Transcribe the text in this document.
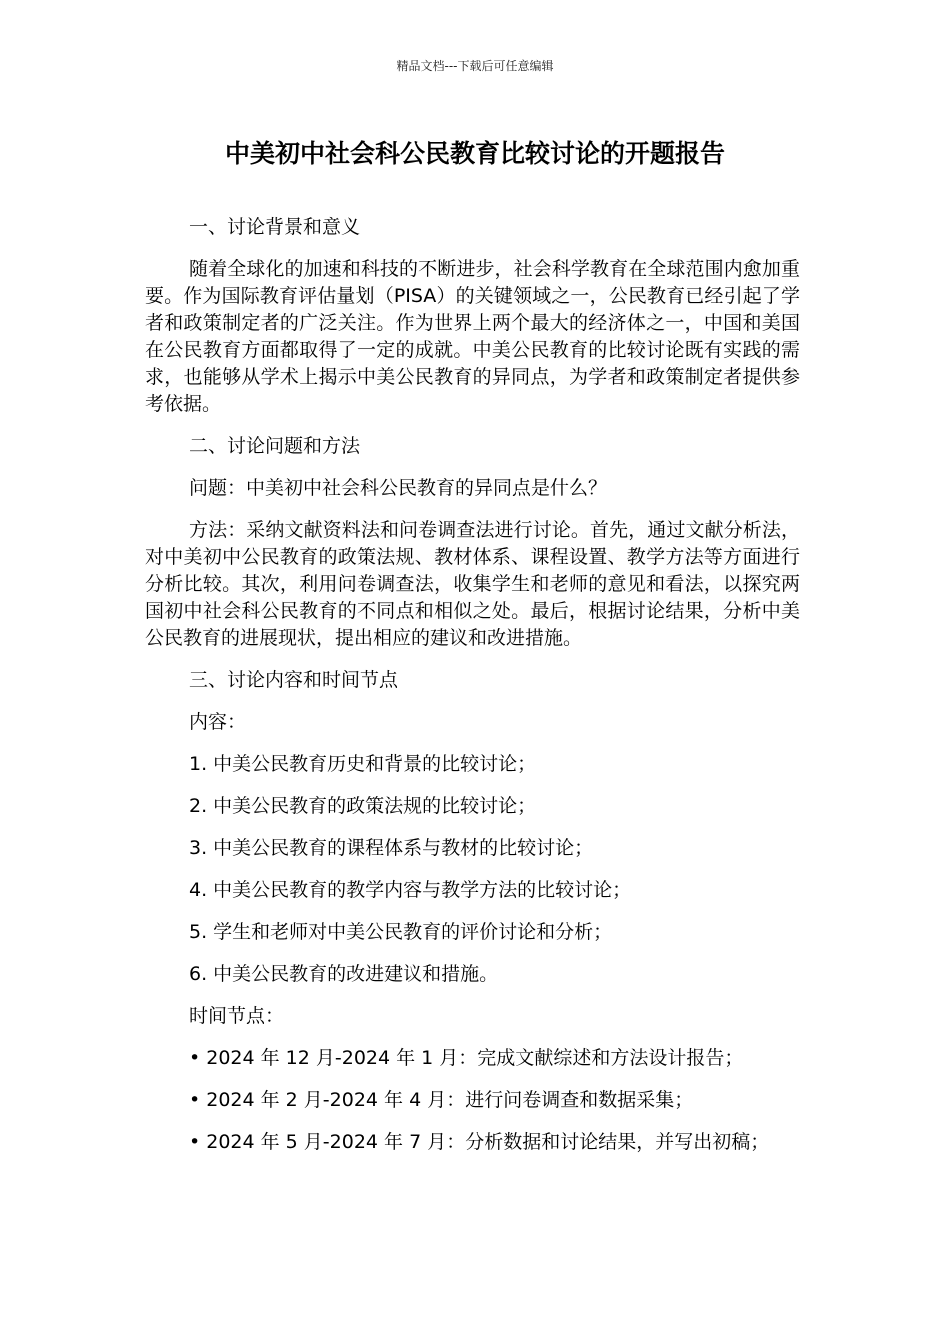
精品文档---下载后可任意编辑
中美初中社会科公民教育比较讨论的开题报告

一、讨论背景和意义

随着全球化的加速和科技的不断进步，社会科学教育在全球范围内愈加重要。作为国际教育评估量划（PISA）的关键领域之一，公民教育已经引起了学者和政策制定者的广泛关注。作为世界上两个最大的经济体之一，中国和美国在公民教育方面都取得了一定的成就。中美公民教育的比较讨论既有实践的需求，也能够从学术上揭示中美公民教育的异同点，为学者和政策制定者提供参考依据。

二、讨论问题和方法

问题：中美初中社会科公民教育的异同点是什么？

方法：采纳文献资料法和问卷调查法进行讨论。首先，通过文献分析法，对中美初中公民教育的政策法规、教材体系、课程设置、教学方法等方面进行分析比较。其次，利用问卷调查法，收集学生和老师的意见和看法，以探究两国初中社会科公民教育的不同点和相似之处。最后，根据讨论结果，分析中美公民教育的进展现状，提出相应的建议和改进措施。

三、讨论内容和时间节点

内容：

1. 中美公民教育历史和背景的比较讨论；

2. 中美公民教育的政策法规的比较讨论；

3. 中美公民教育的课程体系与教材的比较讨论；

4. 中美公民教育的教学内容与教学方法的比较讨论；

5. 学生和老师对中美公民教育的评价讨论和分析；

6. 中美公民教育的改进建议和措施。

时间节点：

• 2024 年 12 月-2024 年 1 月：完成文献综述和方法设计报告；

• 2024 年 2 月-2024 年 4 月：进行问卷调查和数据采集；

• 2024 年 5 月-2024 年 7 月：分析数据和讨论结果，并写出初稿；
